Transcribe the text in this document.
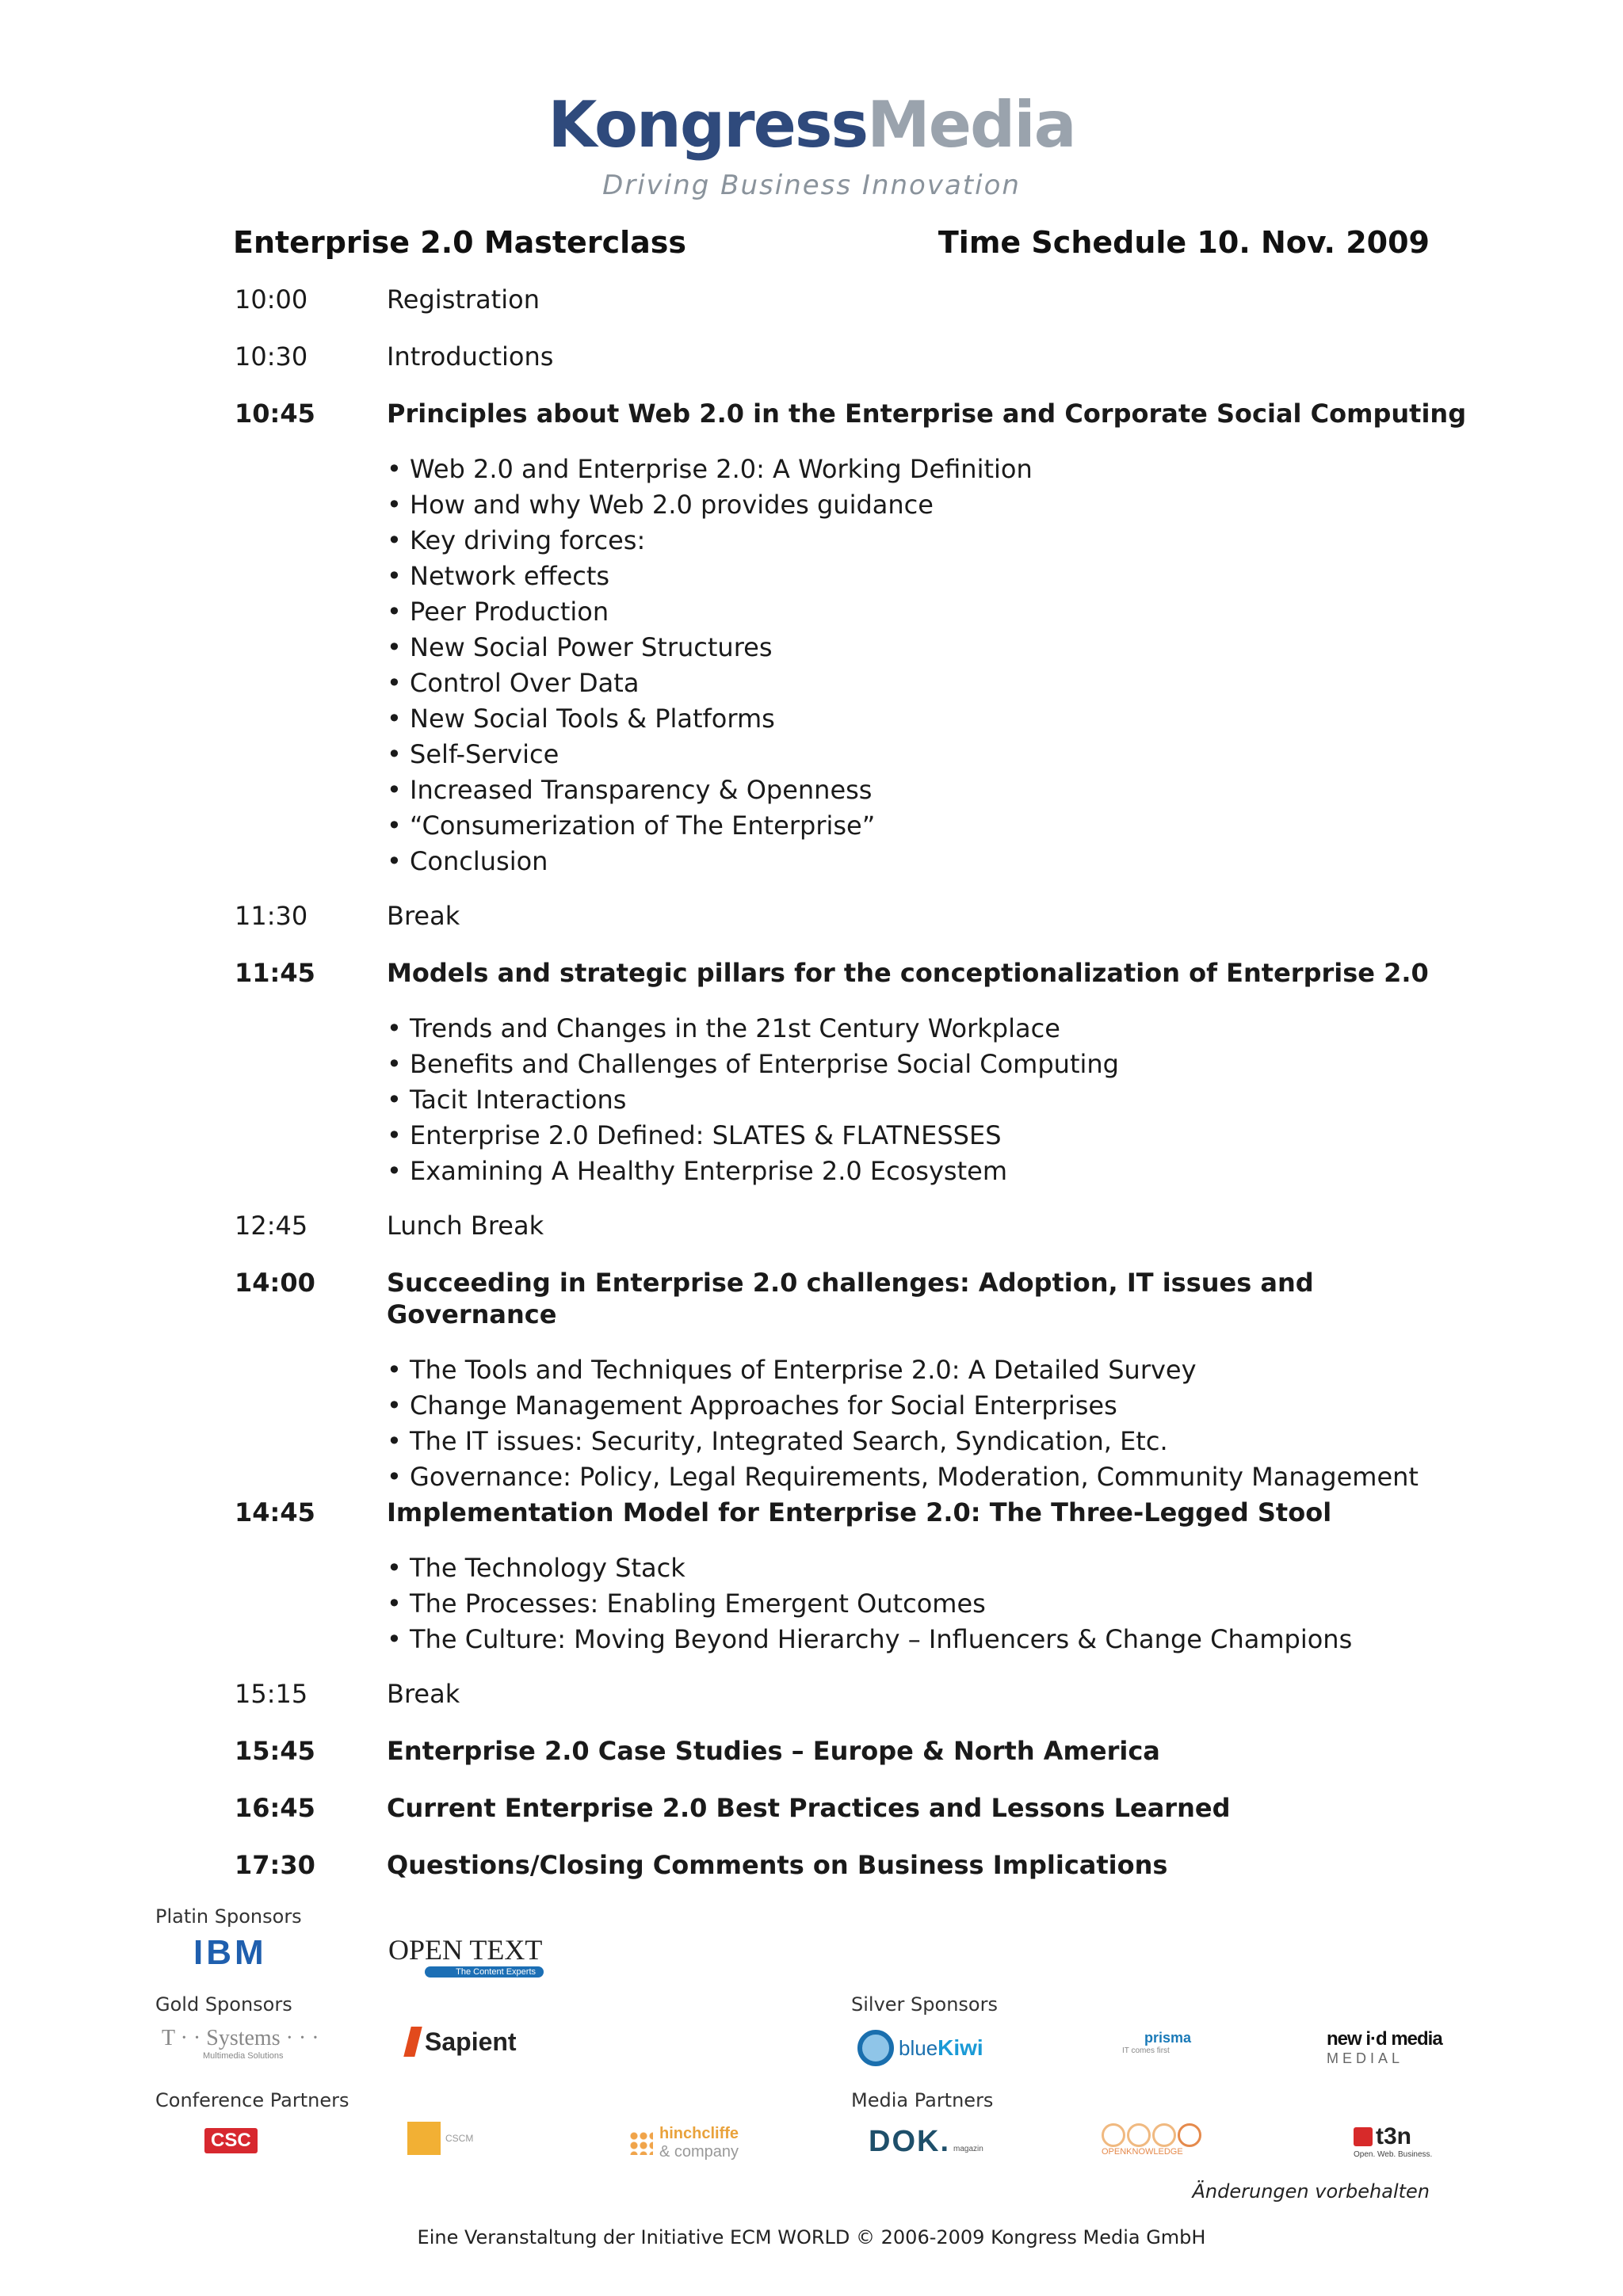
KongressMedia
Driving Business Innovation
Enterprise 2.0 Masterclass	Time Schedule 10. Nov. 2009
10:00	Registration
10:30	Introductions
10:45	Principles about Web 2.0 in the Enterprise and Corporate Social Computing
• Web 2.0 and Enterprise 2.0: A Working Definition
• How and why Web 2.0 provides guidance
• Key driving forces:
• Network effects
• Peer Production
• New Social Power Structures
• Control Over Data
• New Social Tools & Platforms
• Self-Service
• Increased Transparency & Openness
• “Consumerization of The Enterprise”
• Conclusion
11:30	Break
11:45	Models and strategic pillars for the conceptionalization of Enterprise 2.0
• Trends and Changes in the 21st Century Workplace
• Benefits and Challenges of Enterprise Social Computing
• Tacit Interactions
• Enterprise 2.0 Defined: SLATES & FLATNESSES
• Examining A Healthy Enterprise 2.0 Ecosystem
12:45	Lunch Break
14:00	Succeeding in Enterprise 2.0 challenges: Adoption, IT issues and Governance
• The Tools and Techniques of Enterprise 2.0: A Detailed Survey
• Change Management Approaches for Social Enterprises
• The IT issues: Security, Integrated Search, Syndication, Etc.
• Governance: Policy, Legal Requirements, Moderation, Community Management
14:45	Implementation Model for Enterprise 2.0: The Three-Legged Stool
• The Technology Stack
• The Processes: Enabling Emergent Outcomes
• The Culture: Moving Beyond Hierarchy – Influencers & Change Champions
15:15	Break
15:45	Enterprise 2.0 Case Studies – Europe & North America
16:45	Current Enterprise 2.0 Best Practices and Lessons Learned
17:30	Questions/Closing Comments on Business Implications
Platin Sponsors
IBM	OPEN TEXT
The Content Experts
Gold Sponsors
T · · Systems · · ·
Multimedia Solutions
Sapient
Silver Sponsors
blue Kiwi	prisma
IT comes first
new i·d media
MEDIAL
Conference Partners
CSC	CSCM	hinchcliffe
& company
Media Partners
DOK. magazin	OPENKNOWLEDGE
t3n
Open. Web. Business.
Änderungen vorbehalten
Eine Veranstaltung der Initiative ECM WORLD © 2006-2009 Kongress Media GmbH
